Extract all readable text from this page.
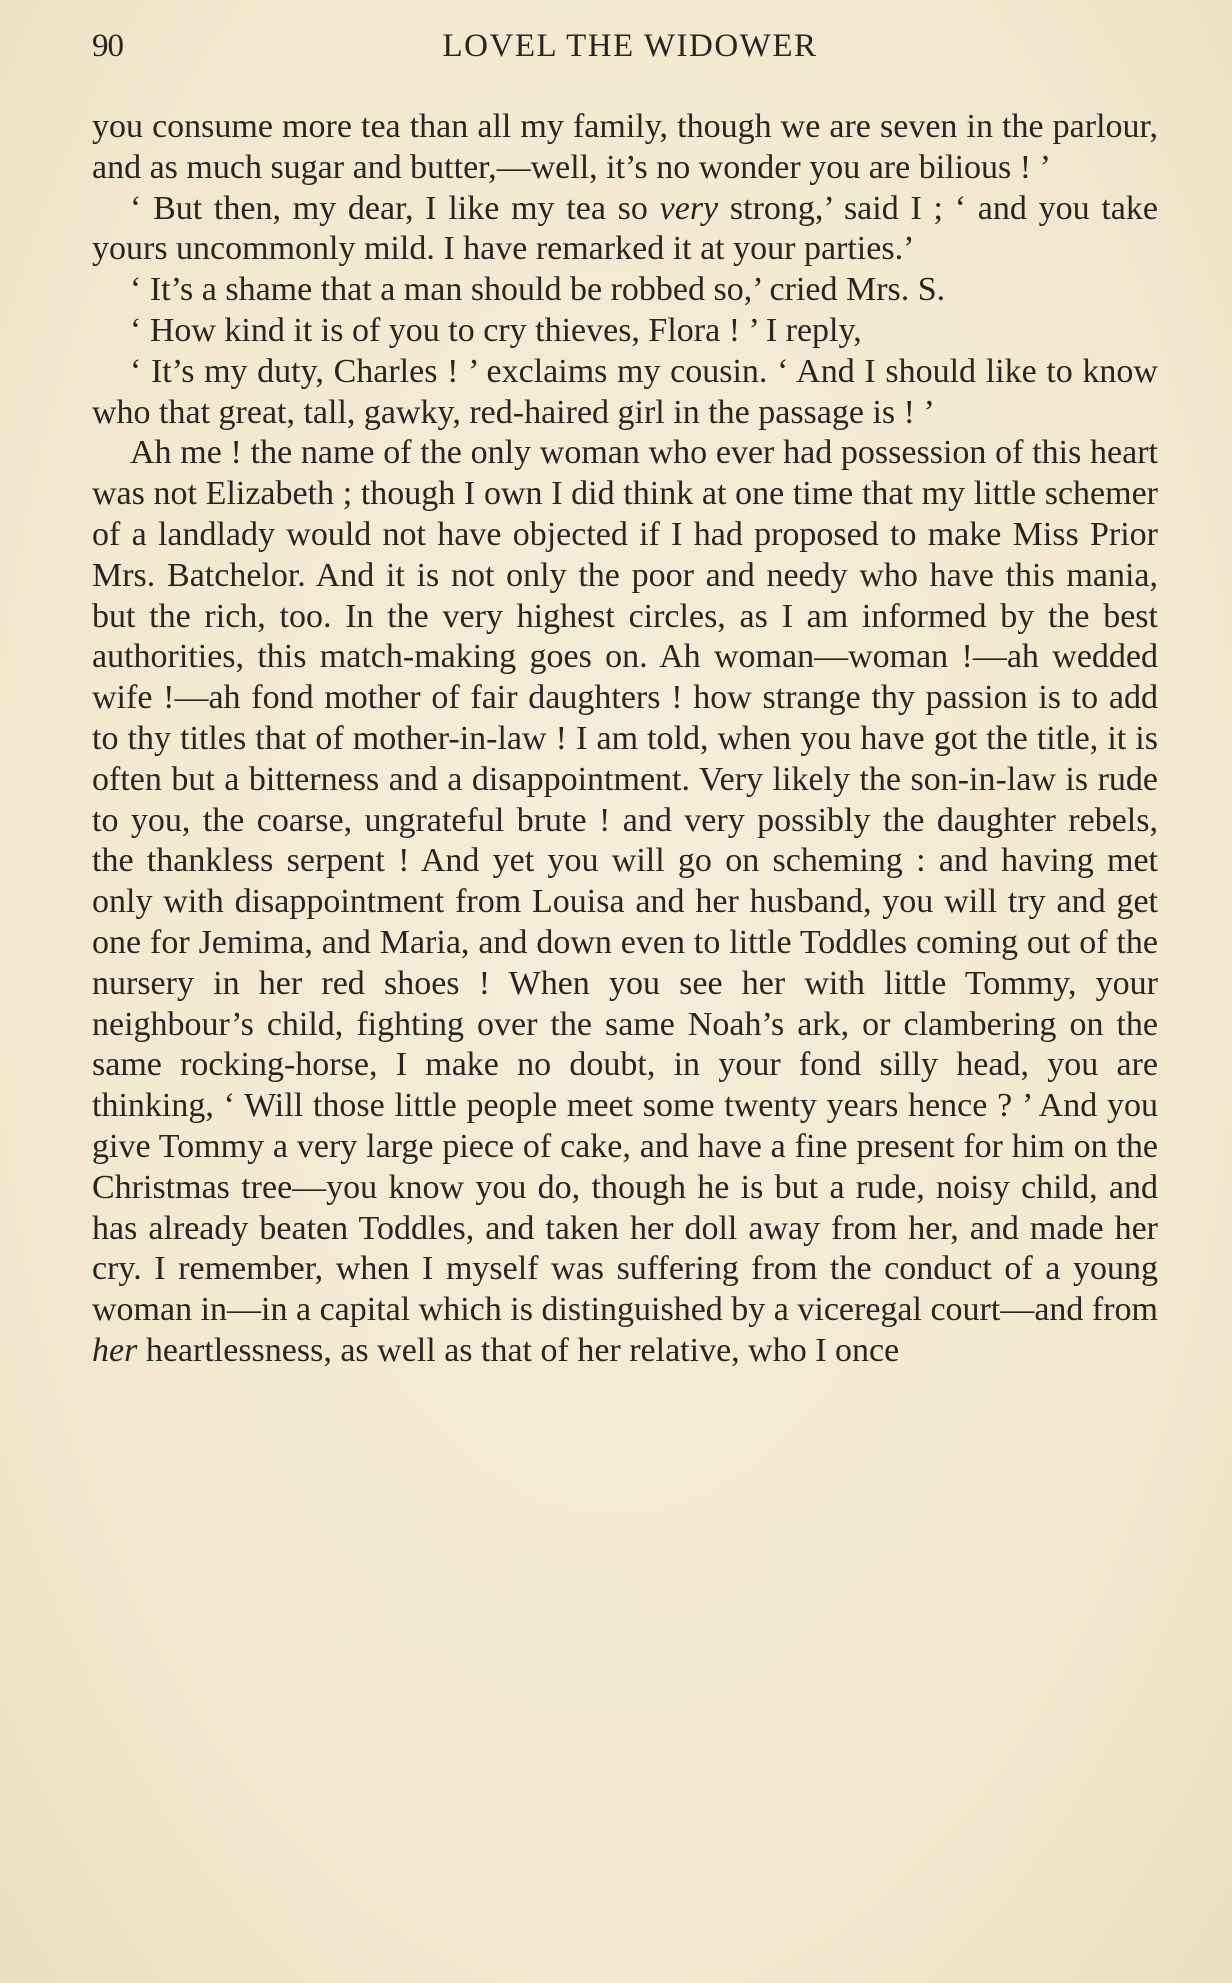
90	LOVEL THE WIDOWER

you consume more tea than all my family, though we are seven in the parlour, and as much sugar and butter,—well, it’s no wonder you are bilious ! ’

‘ But then, my dear, I like my tea so very strong,’ said I ; ‘ and you take yours uncommonly mild. I have remarked it at your parties.’

‘ It’s a shame that a man should be robbed so,’ cried Mrs. S.

‘ How kind it is of you to cry thieves, Flora ! ’ I reply,

‘ It’s my duty, Charles ! ’ exclaims my cousin. ‘ And I should like to know who that great, tall, gawky, red-haired girl in the passage is ! ’

Ah me ! the name of the only woman who ever had possession of this heart was not Elizabeth ; though I own I did think at one time that my little schemer of a landlady would not have objected if I had proposed to make Miss Prior Mrs. Batchelor. And it is not only the poor and needy who have this mania, but the rich, too. In the very highest circles, as I am informed by the best authorities, this match-making goes on. Ah woman—woman !—ah wedded wife !—ah fond mother of fair daughters ! how strange thy passion is to add to thy titles that of mother-in-law ! I am told, when you have got the title, it is often but a bitterness and a disappointment. Very likely the son-in-law is rude to you, the coarse, ungrateful brute ! and very possibly the daughter rebels, the thankless serpent ! And yet you will go on scheming : and having met only with disappointment from Louisa and her husband, you will try and get one for Jemima, and Maria, and down even to little Toddles coming out of the nursery in her red shoes ! When you see her with little Tommy, your neighbour’s child, fighting over the same Noah’s ark, or clambering on the same rocking-horse, I make no doubt, in your fond silly head, you are thinking, ‘ Will those little people meet some twenty years hence ? ’ And you give Tommy a very large piece of cake, and have a fine present for him on the Christmas tree—you know you do, though he is but a rude, noisy child, and has already beaten Toddles, and taken her doll away from her, and made her cry. I remember, when I myself was suffering from the conduct of a young woman in—in a capital which is distinguished by a viceregal court—and from her heartlessness, as well as that of her relative, who I once
